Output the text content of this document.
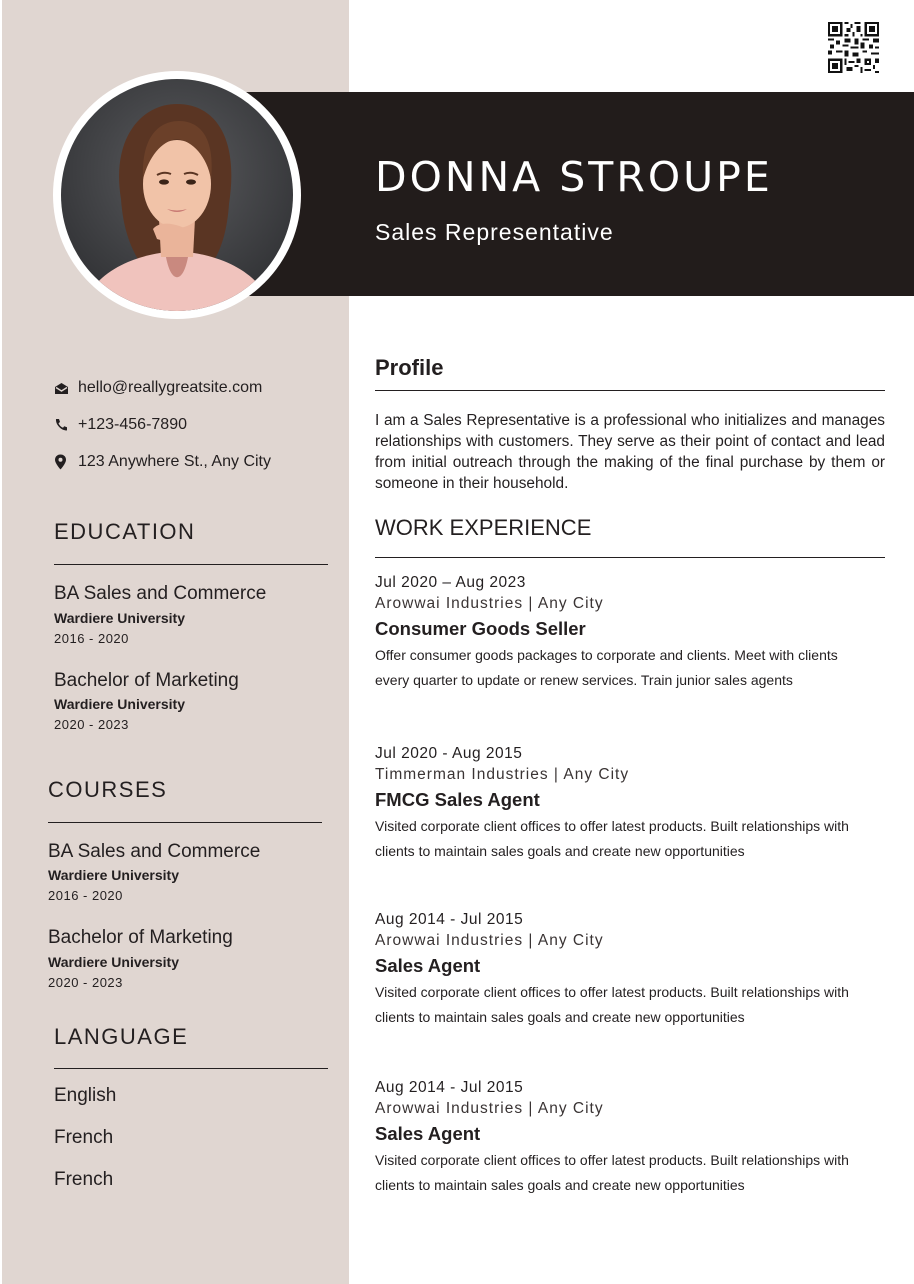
DONNA STROUPE
Sales Representative
hello@reallygreatsite.com
+123-456-7890
123 Anywhere St., Any City
EDUCATION
BA Sales and Commerce
Wardiere University
2016 - 2020
Bachelor of Marketing
Wardiere University
2020 - 2023
COURSES
BA Sales and Commerce
Wardiere University
2016 - 2020
Bachelor of Marketing
Wardiere University
2020 - 2023
LANGUAGE
English
French
French
Profile
I am a Sales Representative is a professional who initializes and manages relationships with customers. They serve as their point of contact and lead from initial outreach through the making of the final purchase by them or someone in their household.
WORK EXPERIENCE
Jul 2020 – Aug 2023
Arowwai Industries | Any City
Consumer Goods Seller
Offer consumer goods packages to corporate and clients. Meet with clients every quarter to update or renew services. Train junior sales agents
Jul 2020 - Aug 2015
Timmerman Industries | Any City
FMCG Sales Agent
Visited corporate client offices to offer latest products. Built relationships with clients to maintain sales goals and create new opportunities
Aug 2014 - Jul 2015
Arowwai Industries | Any City
Sales Agent
Visited corporate client offices to offer latest products. Built relationships with clients to maintain sales goals and create new opportunities
Aug 2014 - Jul 2015
Arowwai Industries | Any City
Sales Agent
Visited corporate client offices to offer latest products. Built relationships with clients to maintain sales goals and create new opportunities
